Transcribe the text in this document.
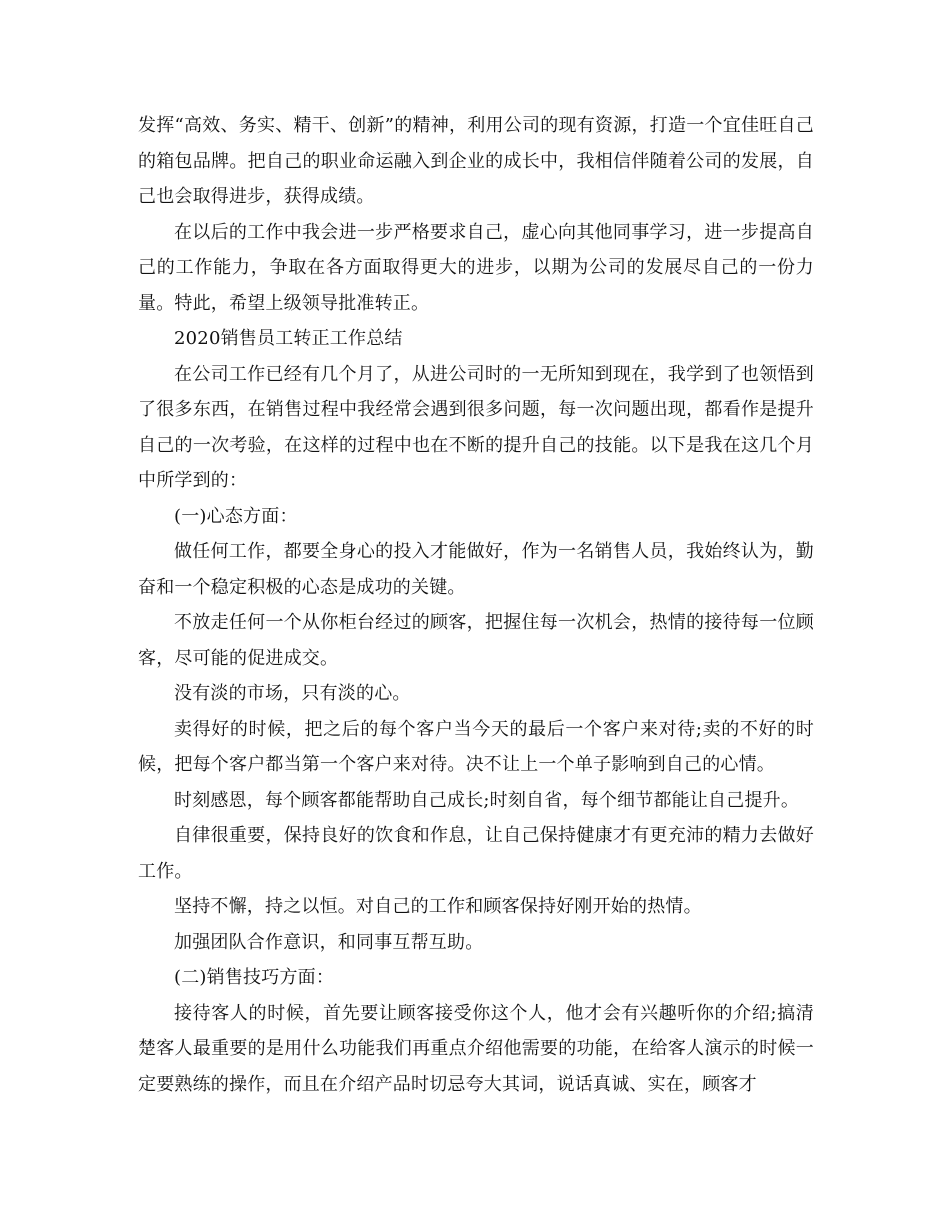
发挥“高效、务实、精干、创新”的精神，利用公司的现有资源，打造一个宜佳旺自己的箱包品牌。把自己的职业命运融入到企业的成长中，我相信伴随着公司的发展，自己也会取得进步，获得成绩。

在以后的工作中我会进一步严格要求自己，虚心向其他同事学习，进一步提高自己的工作能力，争取在各方面取得更大的进步，以期为公司的发展尽自己的一份力量。特此，希望上级领导批准转正。

2020销售员工转正工作总结

在公司工作已经有几个月了，从进公司时的一无所知到现在，我学到了也领悟到了很多东西，在销售过程中我经常会遇到很多问题，每一次问题出现，都看作是提升自己的一次考验，在这样的过程中也在不断的提升自己的技能。以下是我在这几个月中所学到的：

(一)心态方面：

做任何工作，都要全身心的投入才能做好，作为一名销售人员，我始终认为，勤奋和一个稳定积极的心态是成功的关键。

不放走任何一个从你柜台经过的顾客，把握住每一次机会，热情的接待每一位顾客，尽可能的促进成交。

没有淡的市场，只有淡的心。

卖得好的时候，把之后的每个客户当今天的最后一个客户来对待;卖的不好的时候，把每个客户都当第一个客户来对待。决不让上一个单子影响到自己的心情。

时刻感恩，每个顾客都能帮助自己成长;时刻自省，每个细节都能让自己提升。

自律很重要，保持良好的饮食和作息，让自己保持健康才有更充沛的精力去做好工作。

坚持不懈，持之以恒。对自己的工作和顾客保持好刚开始的热情。

加强团队合作意识，和同事互帮互助。

(二)销售技巧方面：

接待客人的时候，首先要让顾客接受你这个人，他才会有兴趣听你的介绍;搞清楚客人最重要的是用什么功能我们再重点介绍他需要的功能，在给客人演示的时候一定要熟练的操作，而且在介绍产品时切忌夸大其词，说话真诚、实在，顾客才
